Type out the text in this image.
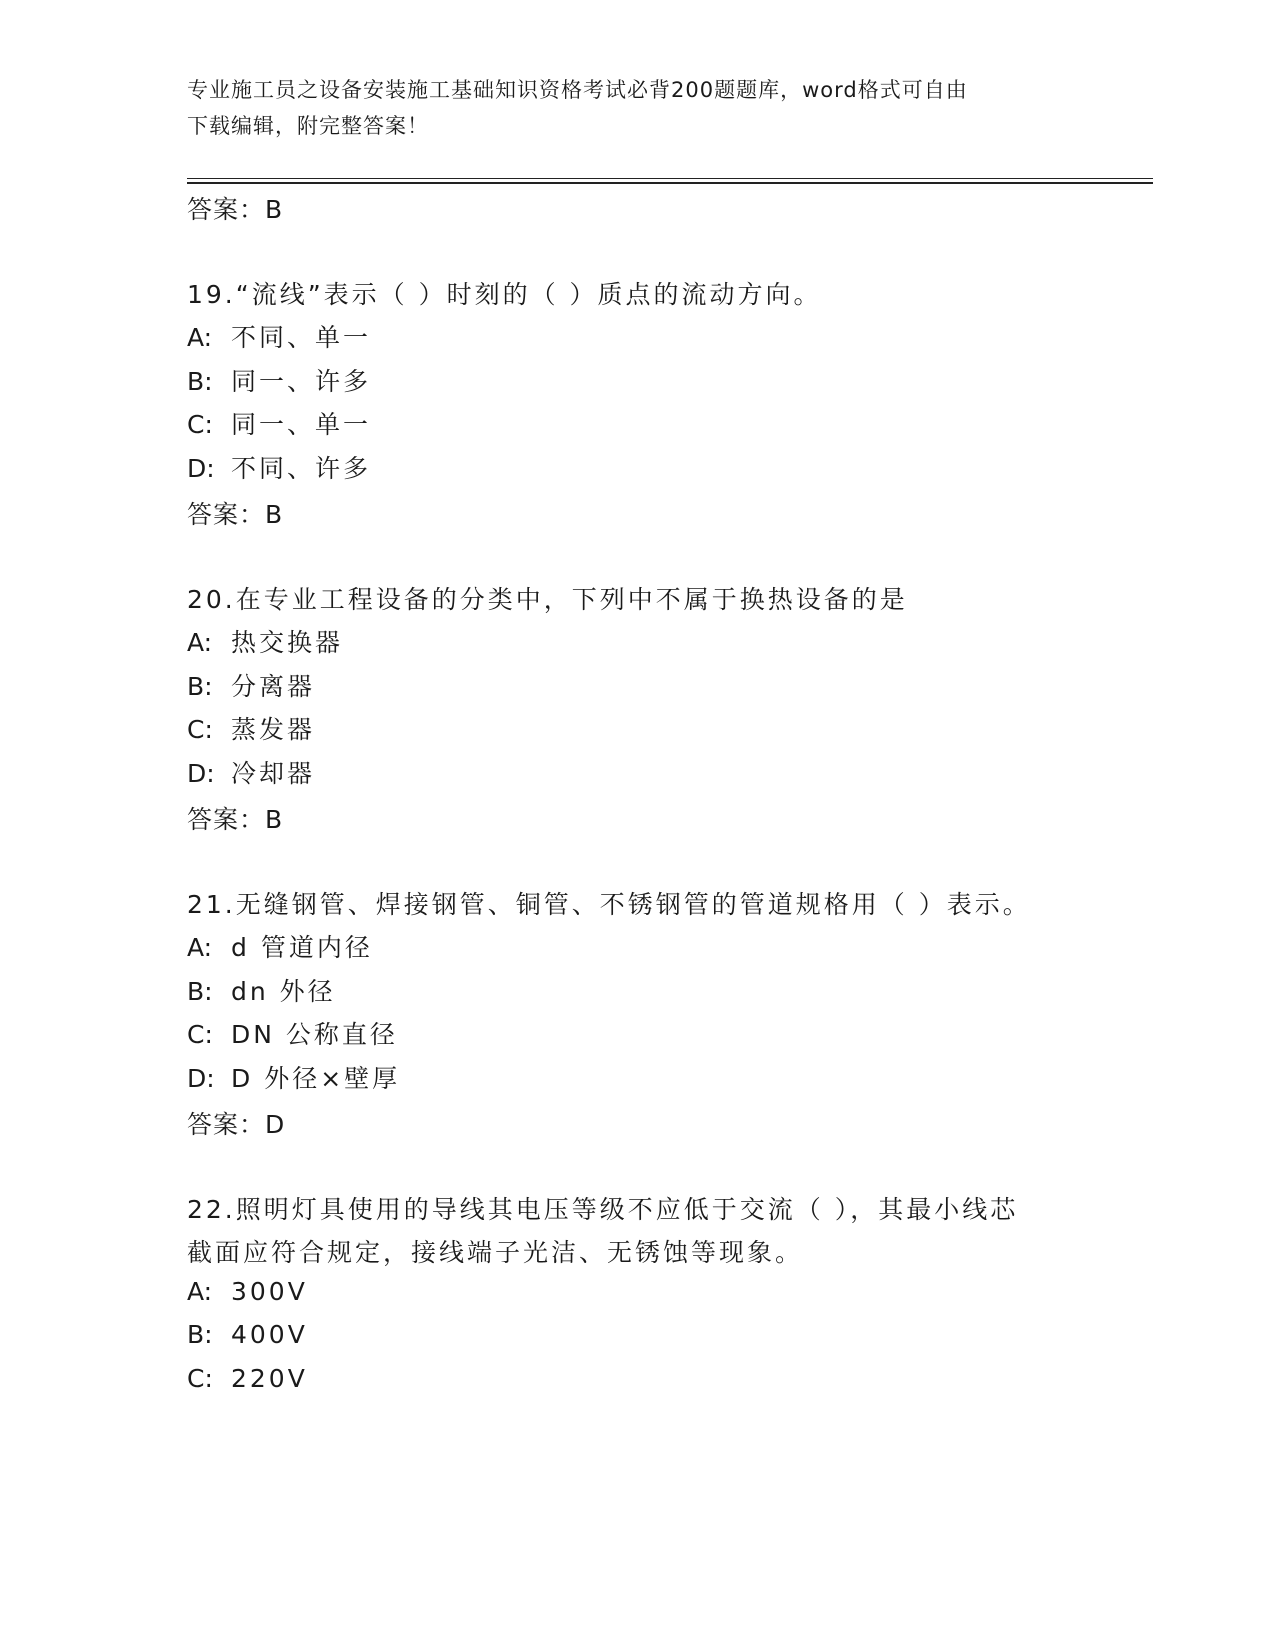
专业施工员之设备安装施工基础知识资格考试必背200题题库，word格式可自由
下载编辑，附完整答案！
答案：B
19.“流线”表示（ ）时刻的（ ）质点的流动方向。
A: 不同、单一
B: 同一、许多
C: 同一、单一
D: 不同、许多
答案：B
20.在专业工程设备的分类中，下列中不属于换热设备的是
A: 热交换器
B: 分离器
C: 蒸发器
D: 冷却器
答案：B
21.无缝钢管、焊接钢管、铜管、不锈钢管的管道规格用（ ）表示。
A: d 管道内径
B: dn 外径
C: DN 公称直径
D: D 外径×壁厚
答案：D
22.照明灯具使用的导线其电压等级不应低于交流（ ），其最小线芯
截面应符合规定，接线端子光洁、无锈蚀等现象。
A: 300V
B: 400V
C: 220V
